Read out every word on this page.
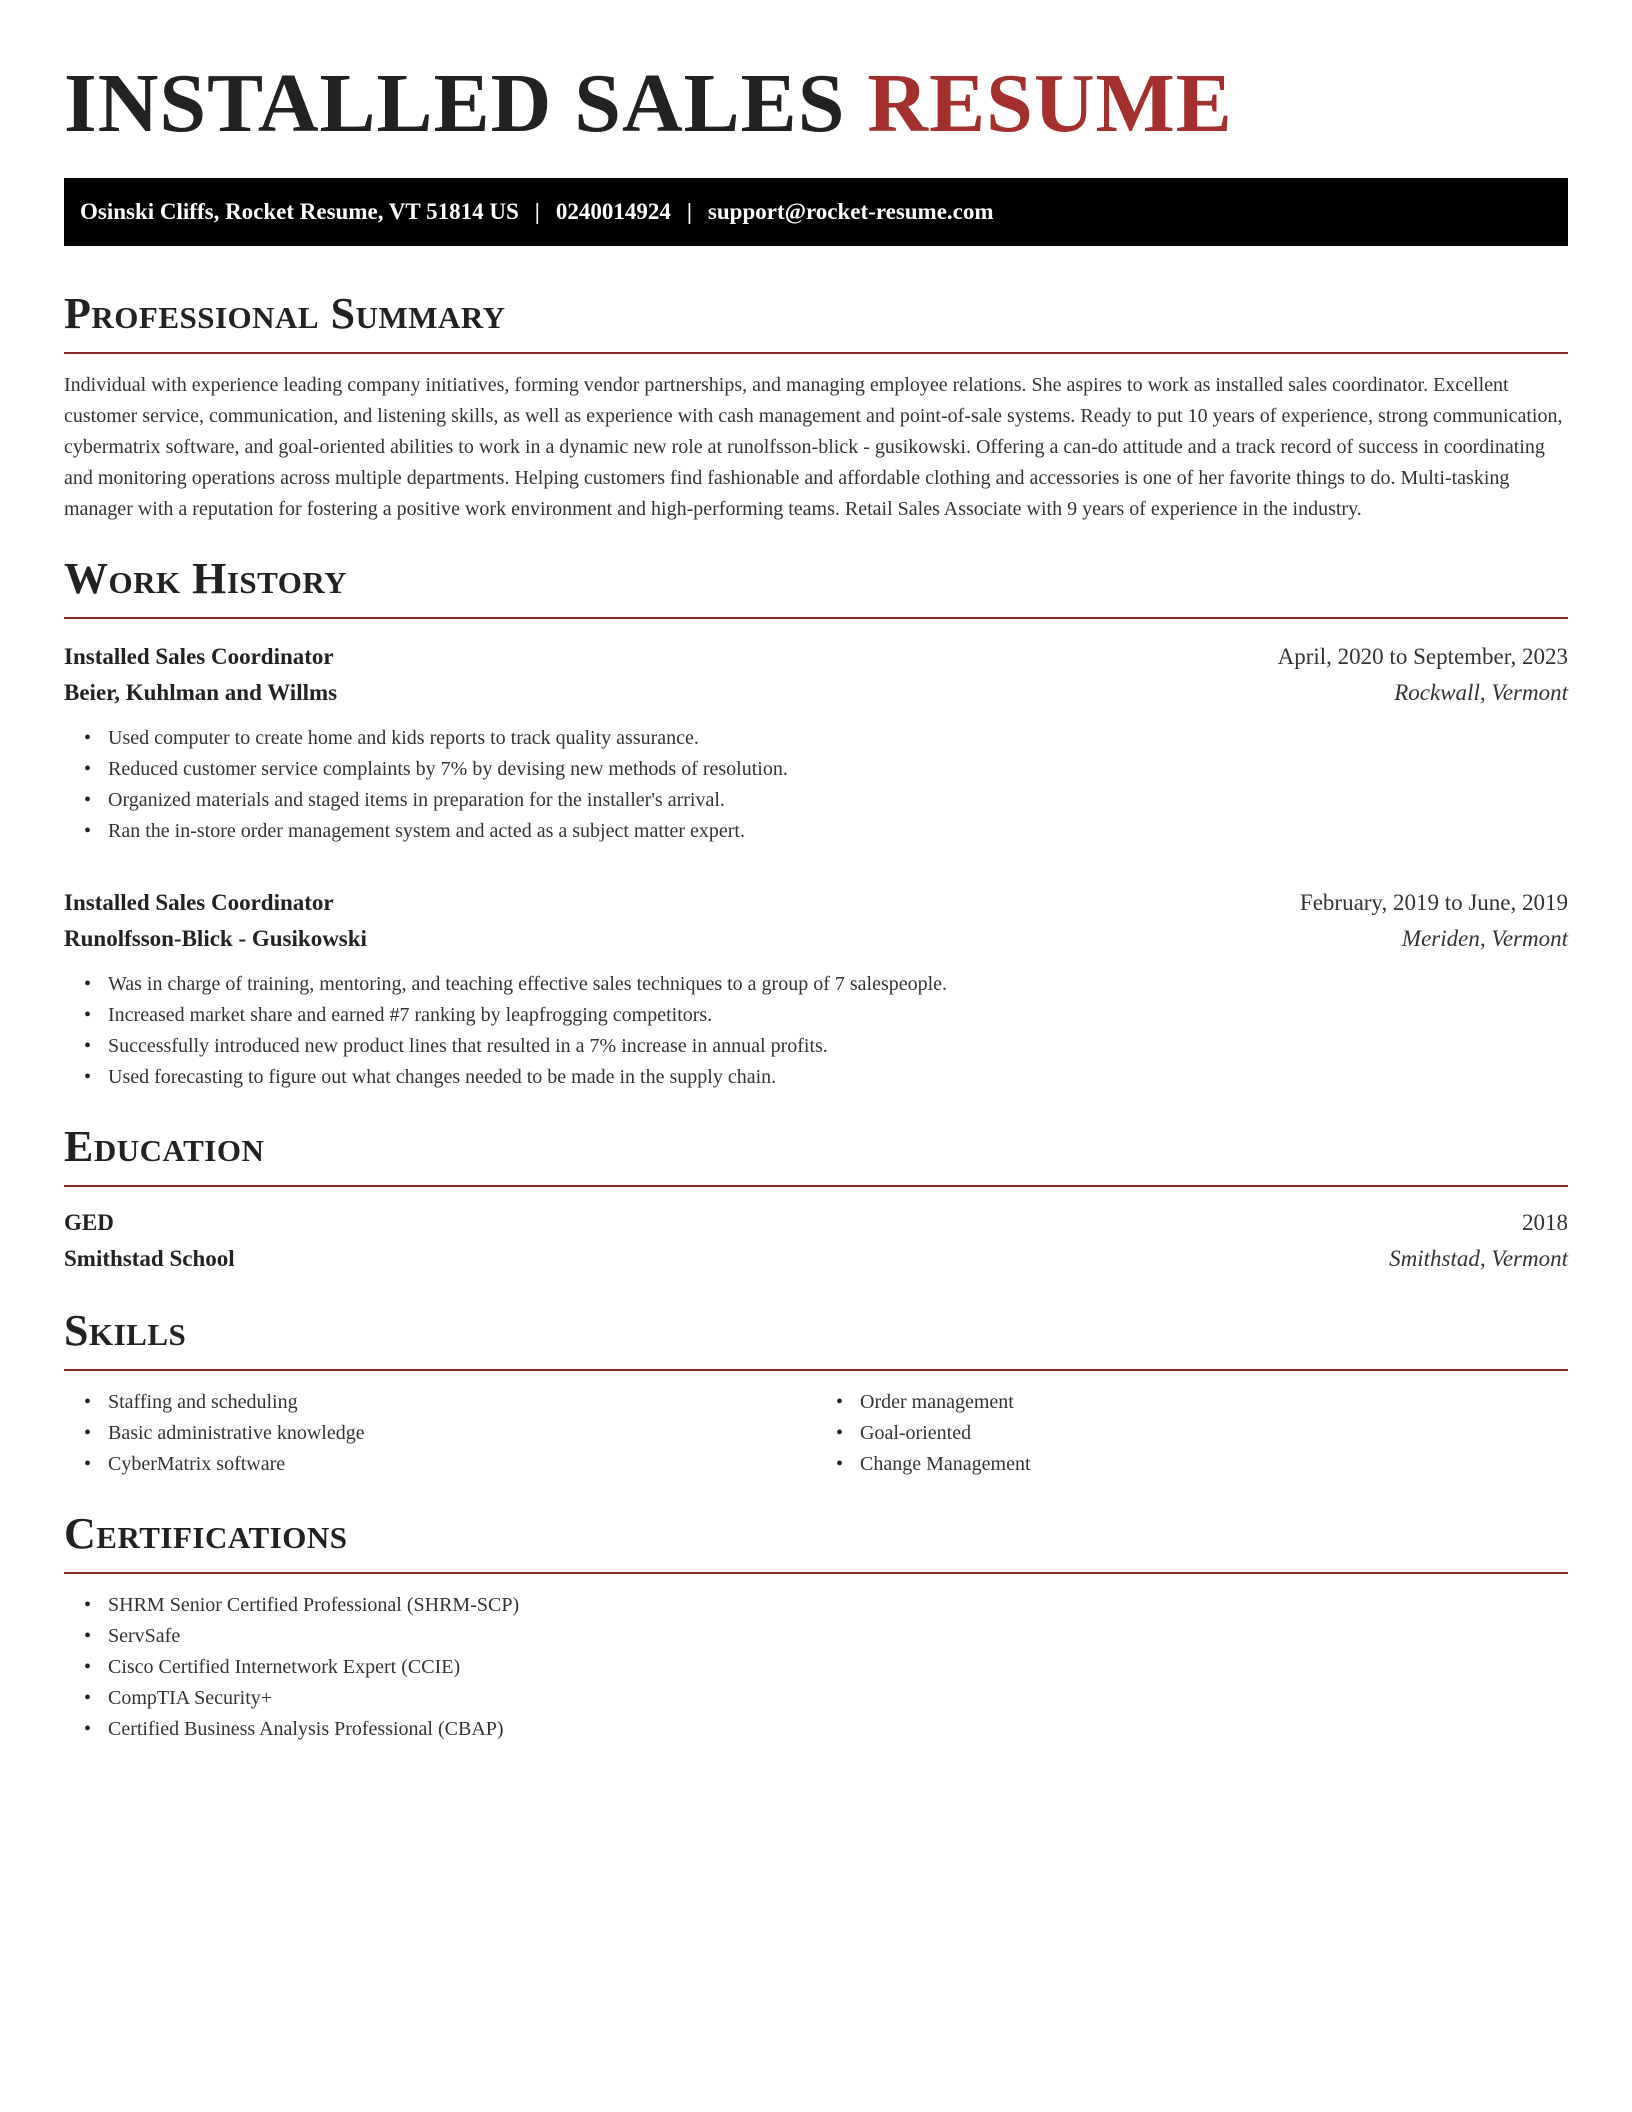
INSTALLED SALES RESUME
Osinski Cliffs, Rocket Resume, VT 51814 US | 0240014924 | support@rocket-resume.com
Professional Summary

Individual with experience leading company initiatives, forming vendor partnerships, and managing employee relations. She aspires to work as installed sales coordinator. Excellent customer service, communication, and listening skills, as well as experience with cash management and point-of-sale systems. Ready to put 10 years of experience, strong communication, cybermatrix software, and goal-oriented abilities to work in a dynamic new role at runolfsson-blick - gusikowski. Offering a can-do attitude and a track record of success in coordinating and monitoring operations across multiple departments. Helping customers find fashionable and affordable clothing and accessories is one of her favorite things to do. Multi-tasking manager with a reputation for fostering a positive work environment and high-performing teams. Retail Sales Associate with 9 years of experience in the industry.

Work History
Installed Sales Coordinator	April, 2020 to September, 2023
Beier, Kuhlman and Willms	Rockwall, Vermont
• Used computer to create home and kids reports to track quality assurance.
• Reduced customer service complaints by 7% by devising new methods of resolution.
• Organized materials and staged items in preparation for the installer's arrival.
• Ran the in-store order management system and acted as a subject matter expert.
Installed Sales Coordinator	February, 2019 to June, 2019
Runolfsson-Blick - Gusikowski	Meriden, Vermont
• Was in charge of training, mentoring, and teaching effective sales techniques to a group of 7 salespeople.
• Increased market share and earned #7 ranking by leapfrogging competitors.
• Successfully introduced new product lines that resulted in a 7% increase in annual profits.
• Used forecasting to figure out what changes needed to be made in the supply chain.
Education
GED	2018
Smithstad School	Smithstad, Vermont
Skills
• Staffing and scheduling
• Basic administrative knowledge
• CyberMatrix software
• Order management
• Goal-oriented
• Change Management
Certifications
• SHRM Senior Certified Professional (SHRM-SCP)
• ServSafe
• Cisco Certified Internetwork Expert (CCIE)
• CompTIA Security+
• Certified Business Analysis Professional (CBAP)
